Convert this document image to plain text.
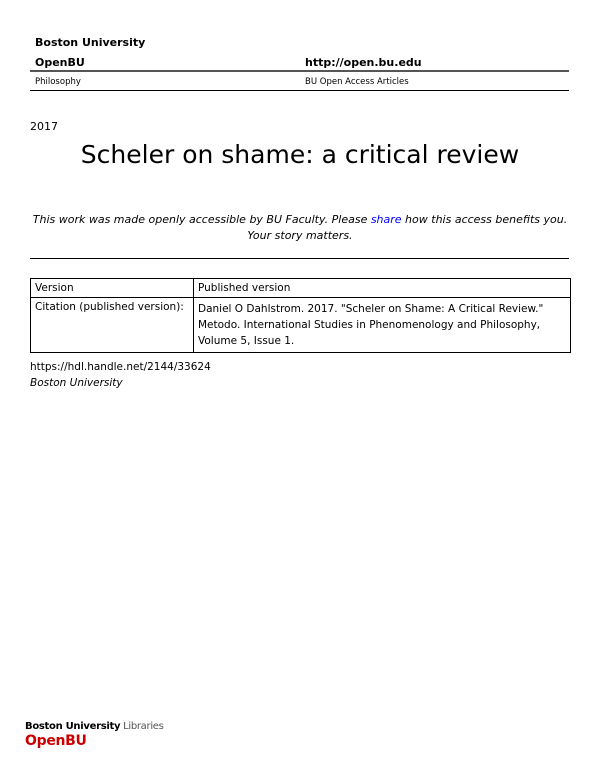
Boston University
OpenBU	http://open.bu.edu
Philosophy	BU Open Access Articles
2017
Scheler on shame: a critical review
This work was made openly accessible by BU Faculty. Please share how this access benefits you.
Your story matters.
Version	Published version
Citation (published version):	Daniel O Dahlstrom. 2017. "Scheler on Shame: A Critical Review." Metodo. International Studies in Phenomenology and Philosophy, Volume 5, Issue 1.
https://hdl.handle.net/2144/33624
Boston University
Boston University Libraries
OpenBU
